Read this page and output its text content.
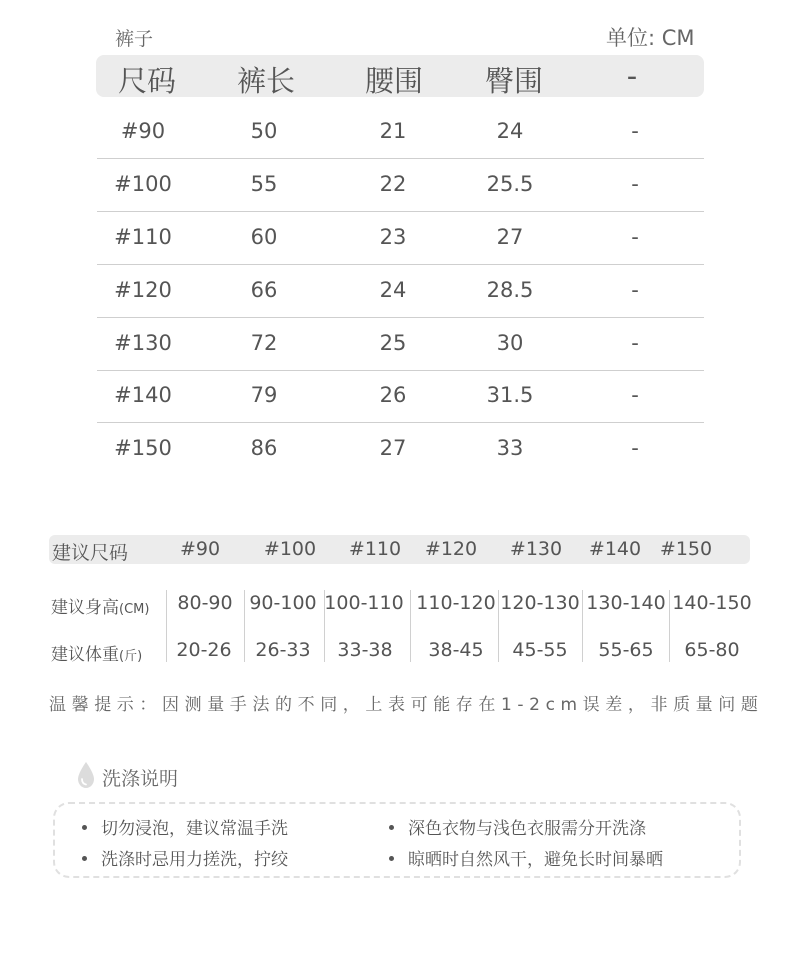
裤子	单位: CM
尺码 裤长 腰围 臀围	-
#90	50	21	24	-
#100	55	22	25.5	-
#110	60	23	27	-
#120	66	24	28.5	-
#130	72	25	30	-
#140	79	26	31.5	-
#150	86	27	33	-
建议尺码	#90 #100 #110 #120 #130 #140 #150
建议身高(CM) 80-90 90-100 100-110 110-120 120-130 130-140 140-150
建议体重(斤) 20-26 26-33 33-38 38-45 45-55 55-65 65-80
温馨提示：因测量手法的不同，上表可能存在1-2cm误差，非质量问题
洗涤说明
切勿浸泡，建议常温手洗	深色衣物与浅色衣服需分开洗涤
洗涤时忌用力搓洗，拧绞	晾晒时自然风干，避免长时间暴晒
